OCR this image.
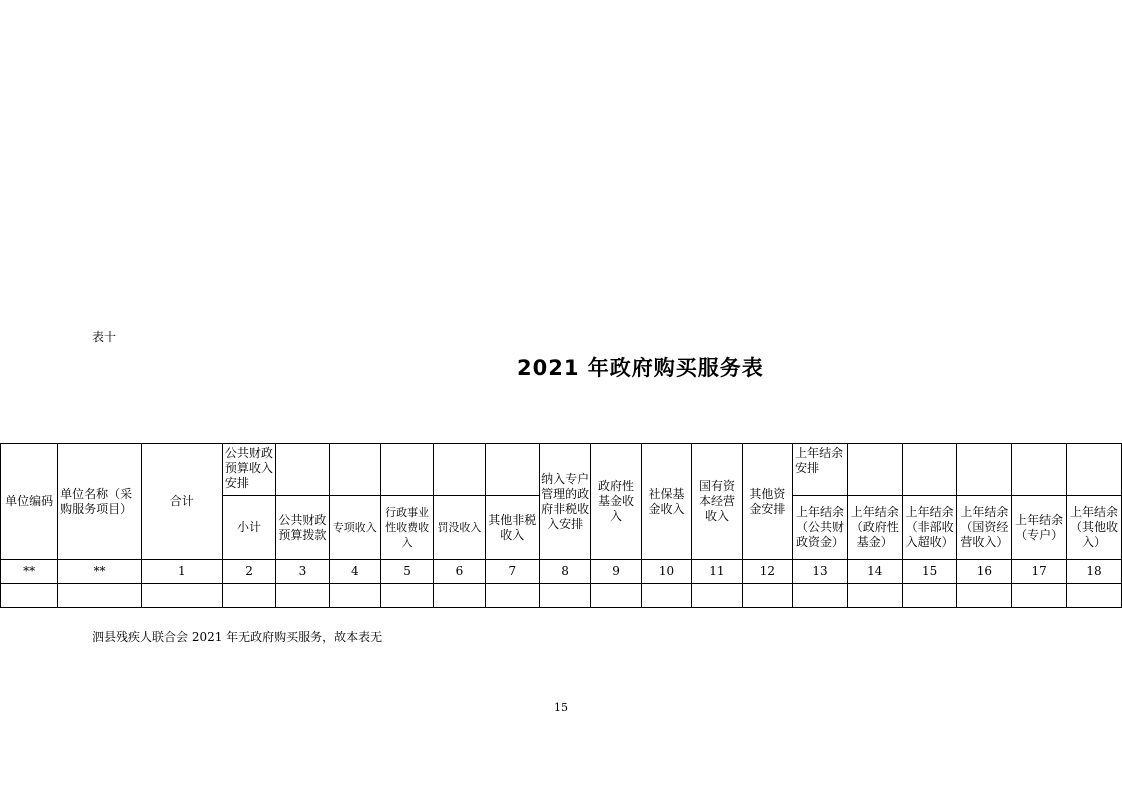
表十
2021 年政府购买服务表
单位编码	单位名称（采购服务项目）	合计	公共财政预算收入安排						纳入专户管理的政府非税收入安排	政府性基金收入	社保基金收入	国有资本经营收入	其他资金安排	上年结余安排					
			小计	公共财政预算拨款	专项收入	行政事业性收费收入	罚没收入	其他非税收入						上年结余（公共财政资金）	上年结余（政府性基金）	上年结余（非部收入超收）	上年结余（国资经营收入）	上年结余（专户）	上年结余（其他收入）
**	**	1	2	3	4	5	6	7	8	9	10	11	12	13	14	15	16	17	18

泗县残疾人联合会 2021 年无政府购买服务，故本表无
15
